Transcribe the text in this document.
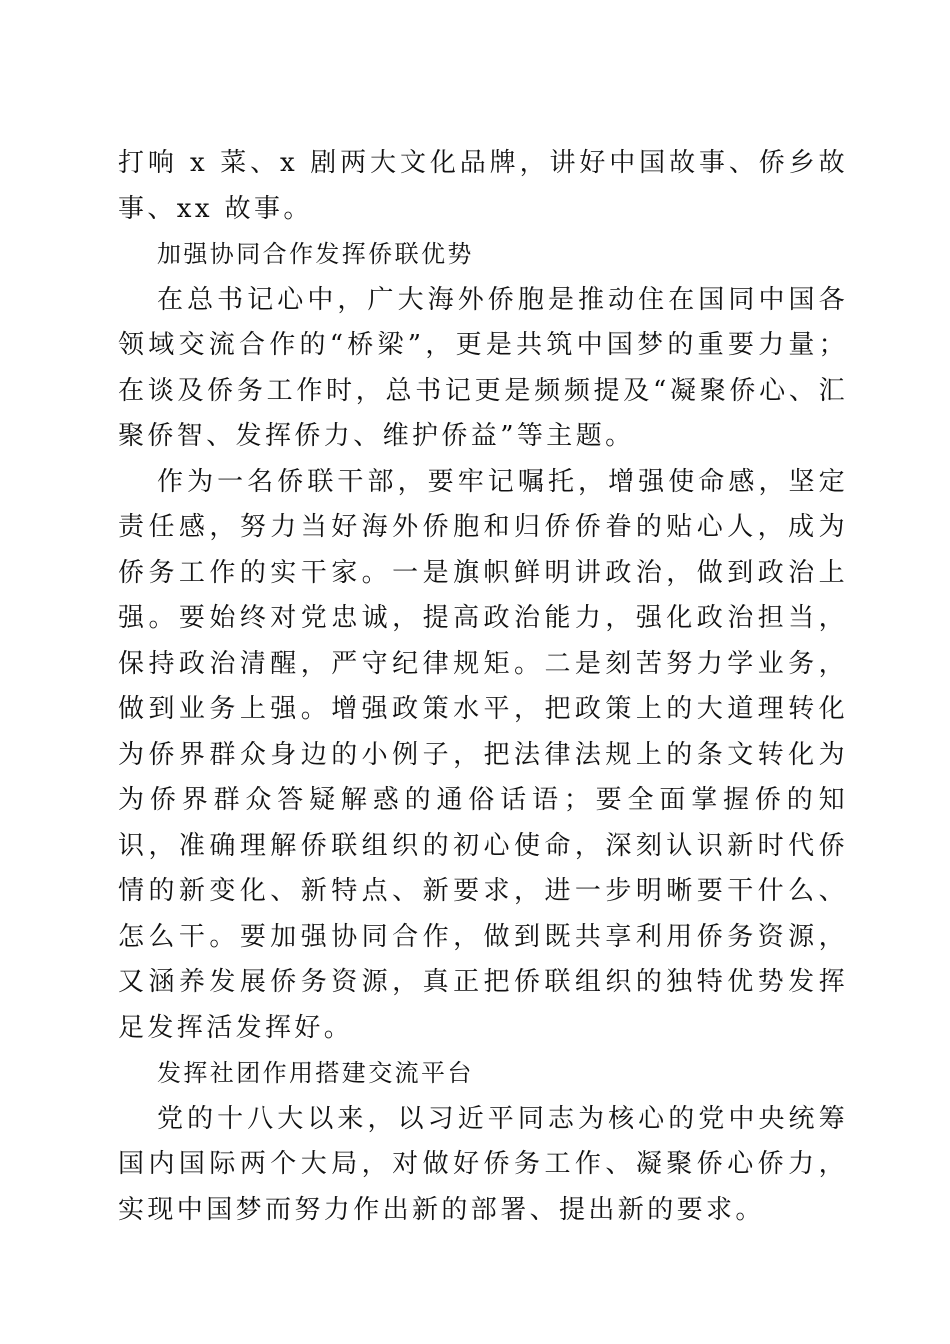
打响 x 菜、x 剧两大文化品牌，讲好中国故事、侨乡故事、xx 故事。

加强协同合作发挥侨联优势

在总书记心中，广大海外侨胞是推动住在国同中国各领域交流合作的“桥梁”，更是共筑中国梦的重要力量；在谈及侨务工作时，总书记更是频频提及“凝聚侨心、汇聚侨智、发挥侨力、维护侨益”等主题。

作为一名侨联干部，要牢记嘱托，增强使命感，坚定责任感，努力当好海外侨胞和归侨侨眷的贴心人，成为侨务工作的实干家。一是旗帜鲜明讲政治，做到政治上强。要始终对党忠诚，提高政治能力，强化政治担当，保持政治清醒，严守纪律规矩。二是刻苦努力学业务，做到业务上强。增强政策水平，把政策上的大道理转化为侨界群众身边的小例子，把法律法规上的条文转化为为侨界群众答疑解惑的通俗话语；要全面掌握侨的知识，准确理解侨联组织的初心使命，深刻认识新时代侨情的新变化、新特点、新要求，进一步明晰要干什么、怎么干。要加强协同合作，做到既共享利用侨务资源，又涵养发展侨务资源，真正把侨联组织的独特优势发挥足发挥活发挥好。

发挥社团作用搭建交流平台

党的十八大以来，以习近平同志为核心的党中央统筹国内国际两个大局，对做好侨务工作、凝聚侨心侨力，实现中国梦而努力作出新的部署、提出新的要求。
